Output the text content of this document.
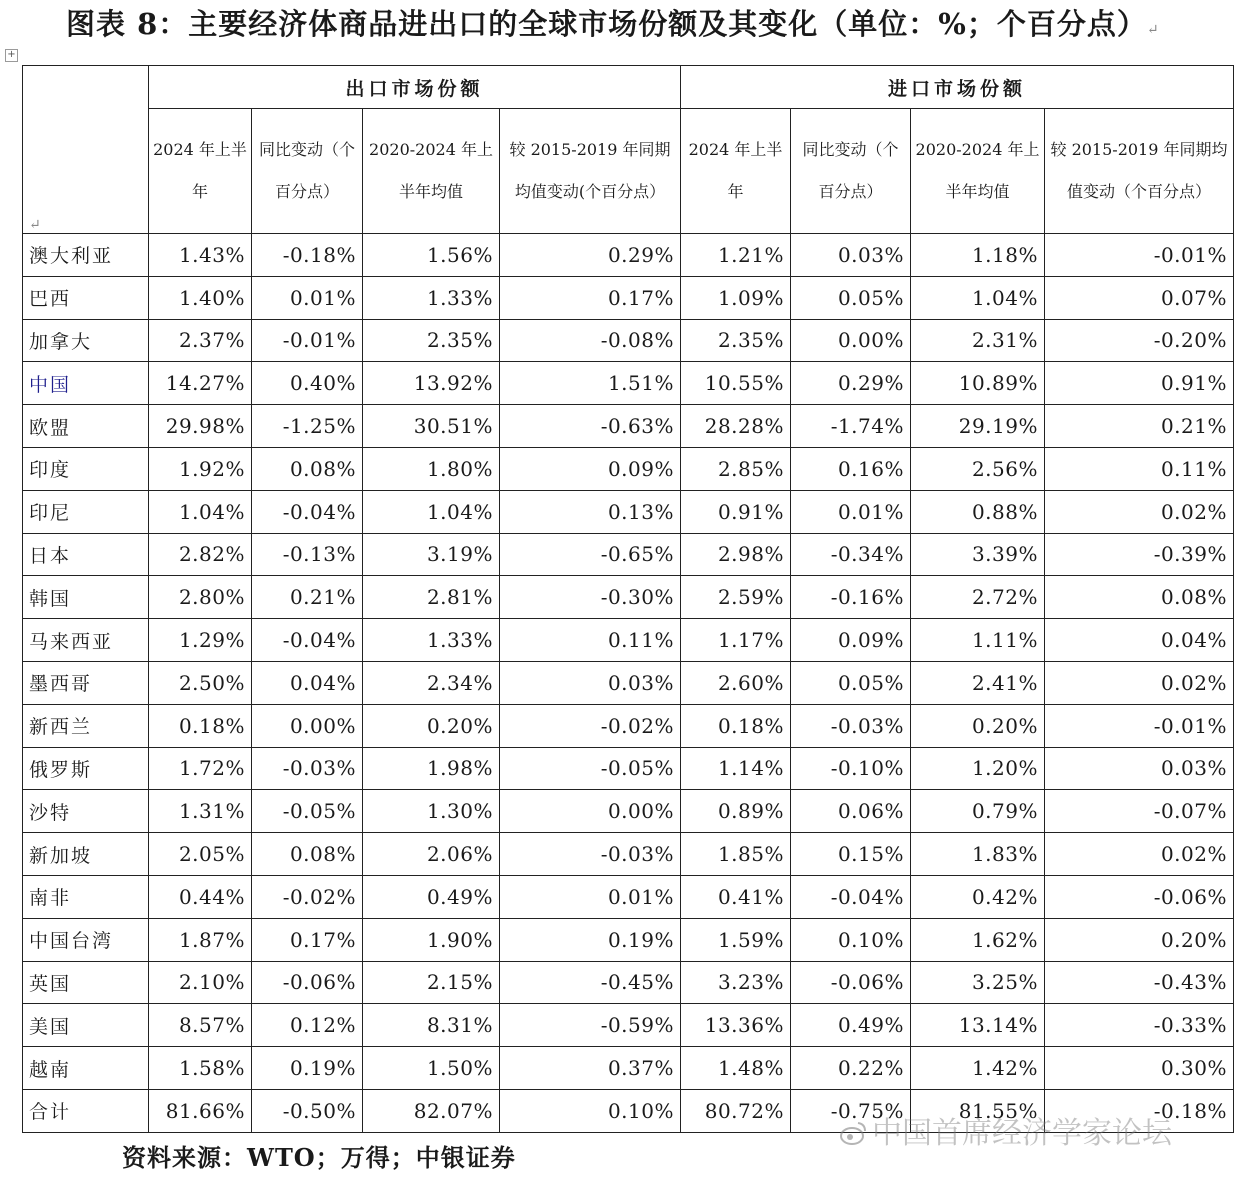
图表 8：主要经济体商品进出口的全球市场份额及其变化（单位：%；个百分点）↵
+
↵	出口市场份额				进口市场份额			
	2024 年上半年	同比变动（个百分点）	2020-2024 年上半年均值	较 2015-2019 年同期均值变动(个百分点）	2024 年上半年	同比变动（个百分点）	2020-2024 年上半年均值	较 2015-2019 年同期均值变动（个百分点）
澳大利亚	1.43%	-0.18%	1.56%	0.29%	1.21%	0.03%	1.18%	-0.01%
巴西	1.40%	0.01%	1.33%	0.17%	1.09%	0.05%	1.04%	0.07%
加拿大	2.37%	-0.01%	2.35%	-0.08%	2.35%	0.00%	2.31%	-0.20%
中国	14.27%	0.40%	13.92%	1.51%	10.55%	0.29%	10.89%	0.91%
欧盟	29.98%	-1.25%	30.51%	-0.63%	28.28%	-1.74%	29.19%	0.21%
印度	1.92%	0.08%	1.80%	0.09%	2.85%	0.16%	2.56%	0.11%
印尼	1.04%	-0.04%	1.04%	0.13%	0.91%	0.01%	0.88%	0.02%
日本	2.82%	-0.13%	3.19%	-0.65%	2.98%	-0.34%	3.39%	-0.39%
韩国	2.80%	0.21%	2.81%	-0.30%	2.59%	-0.16%	2.72%	0.08%
马来西亚	1.29%	-0.04%	1.33%	0.11%	1.17%	0.09%	1.11%	0.04%
墨西哥	2.50%	0.04%	2.34%	0.03%	2.60%	0.05%	2.41%	0.02%
新西兰	0.18%	0.00%	0.20%	-0.02%	0.18%	-0.03%	0.20%	-0.01%
俄罗斯	1.72%	-0.03%	1.98%	-0.05%	1.14%	-0.10%	1.20%	0.03%
沙特	1.31%	-0.05%	1.30%	0.00%	0.89%	0.06%	0.79%	-0.07%
新加坡	2.05%	0.08%	2.06%	-0.03%	1.85%	0.15%	1.83%	0.02%
南非	0.44%	-0.02%	0.49%	0.01%	0.41%	-0.04%	0.42%	-0.06%
中国台湾	1.87%	0.17%	1.90%	0.19%	1.59%	0.10%	1.62%	0.20%
英国	2.10%	-0.06%	2.15%	-0.45%	3.23%	-0.06%	3.25%	-0.43%
美国	8.57%	0.12%	8.31%	-0.59%	13.36%	0.49%	13.14%	-0.33%
越南	1.58%	0.19%	1.50%	0.37%	1.48%	0.22%	1.42%	0.30%
合计	81.66%	-0.50%	82.07%	0.10%	80.72%	-0.75%	81.55%	-0.18%
资料来源：WTO；万得；中银证券
中国首席经济学家论坛
